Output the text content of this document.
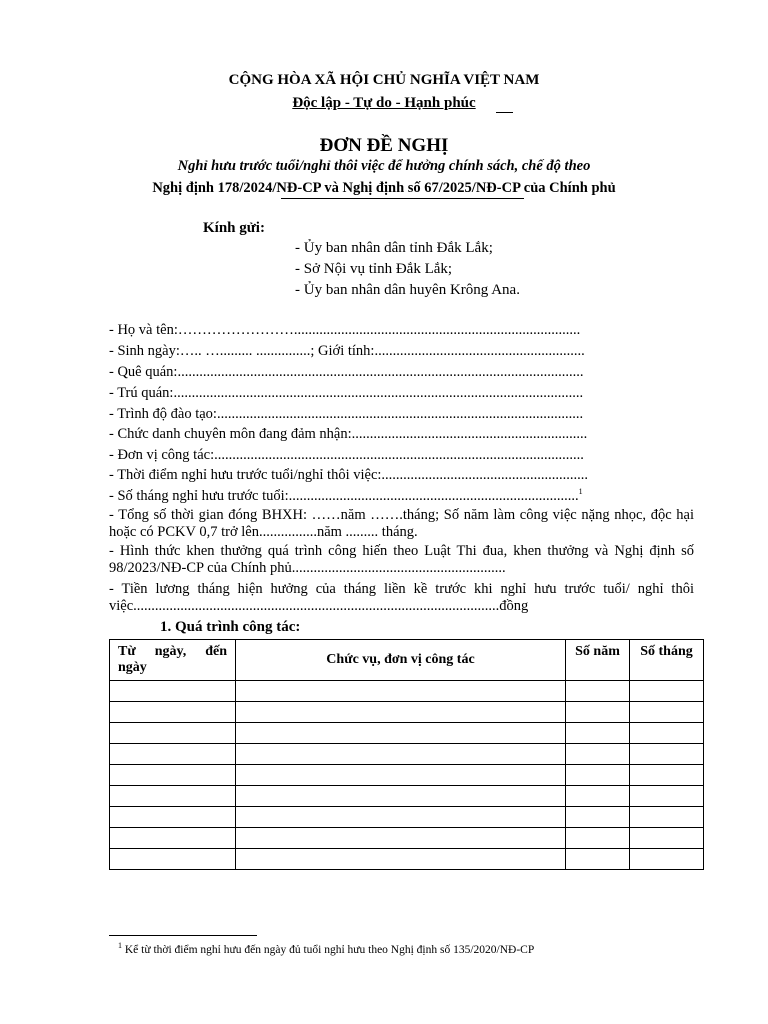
CỘNG HÒA XÃ HỘI CHỦ NGHĨA VIỆT NAM
Độc lập - Tự do - Hạnh phúc
ĐƠN ĐỀ NGHỊ
Nghỉ hưu trước tuổi/nghỉ thôi việc để hưởng chính sách, chế độ theo
Nghị định 178/2024/NĐ-CP và Nghị định số 67/2025/NĐ-CP của Chính phủ
Kính gửi:
- Ủy ban nhân dân tỉnh Đắk Lắk;
- Sở Nội vụ tỉnh Đắk Lắk;
- Ủy ban nhân dân huyên Krông Ana.
- Họ và tên:……………………...............................................................................
- Sinh ngày:….. …......... ...............; Giới tính:..........................................................
- Quê quán:................................................................................................................
- Trú quán:.................................................................................................................
- Trình độ đào tạo:.....................................................................................................
- Chức danh chuyên môn đang đảm nhận:.................................................................
- Đơn vị công tác:......................................................................................................
- Thời điểm nghỉ hưu trước tuổi/nghỉ thôi việc:.........................................................
- Số tháng nghỉ hưu trước tuổi:................................................................................$^1$
- Tổng số thời gian đóng BHXH: ……năm …….tháng; Số năm làm công việc nặng nhọc, độc hại hoặc có PCKV 0,7 trở lên................năm ......... tháng.
- Hình thức khen thưởng quá trình công hiến theo Luật Thi đua, khen thưởng và Nghị định số 98/2023/NĐ-CP của Chính phủ...........................................................
- Tiền lương tháng hiện hưởng của tháng liền kề trước khi nghỉ hưu trước tuổi/ nghỉ thôi việc.....................................................................................................đồng
1. Quá trình công tác:
Từ ngày, đến ngày	Chức vụ, đơn vị công tác	Số năm	Số tháng

$^1$ Kể từ thời điểm nghỉ hưu đến ngày đủ tuổi nghỉ hưu theo Nghị định số 135/2020/NĐ-CP
